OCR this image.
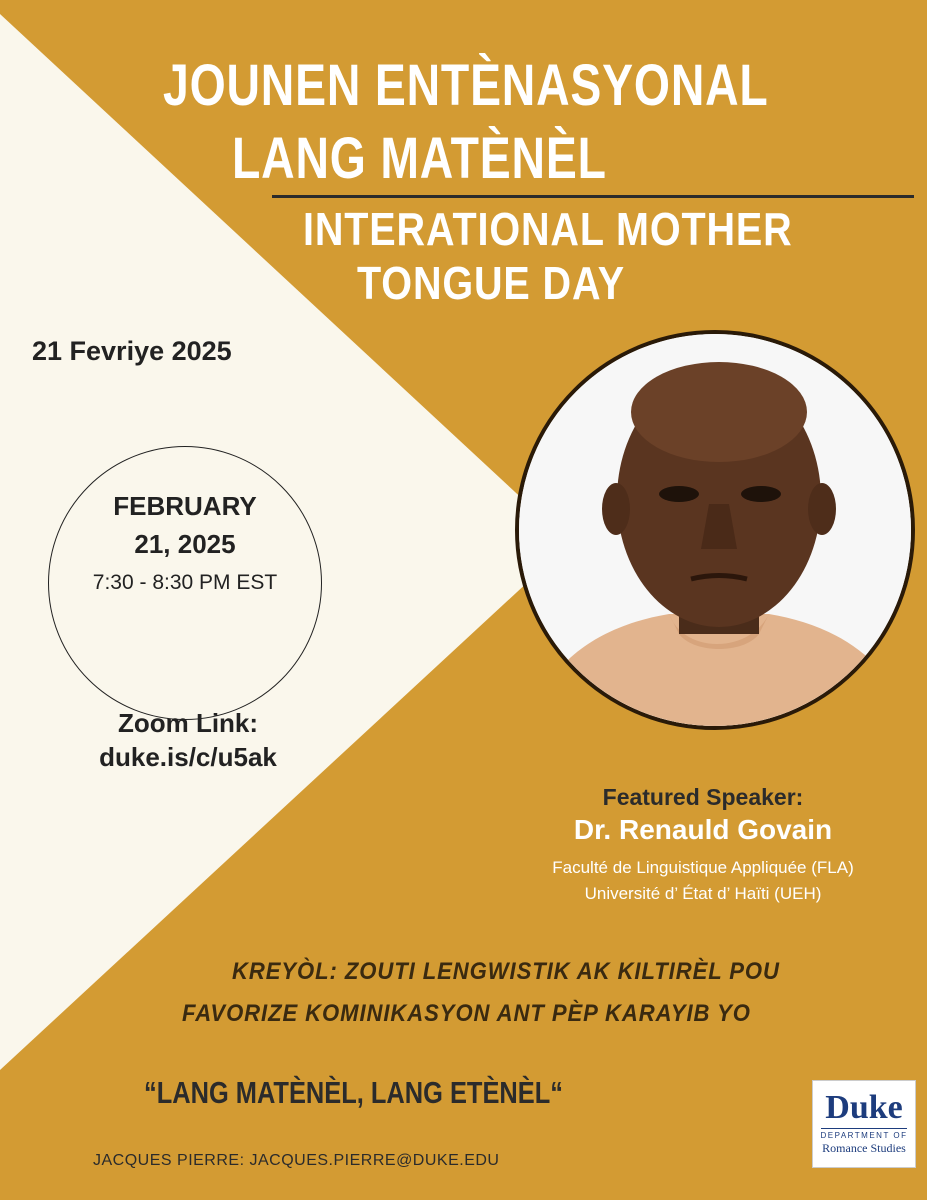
JOUNEN ENTÈNASYONAL
LANG MATÈNÈL
INTERATIONAL MOTHER
TONGUE DAY
21 Fevriye 2025
FEBRUARY
21, 2025
7:30 - 8:30 PM EST
Zoom Link:
duke.is/c/u5ak
Featured Speaker:
Dr. Renauld Govain
Faculté de Linguistique Appliquée (FLA)
Université d’ État d’ Haïti (UEH)
KREYÒL: ZOUTI LENGWISTIK AK KILTIRÈL POU
FAVORIZE KOMINIKASYON ANT PÈP KARAYIB YO
“LANG MATÈNÈL, LANG ETÈNÈL“
JACQUES PIERRE: JACQUES.PIERRE@DUKE.EDU
Duke
DEPARTMENT OF
Romance Studies
